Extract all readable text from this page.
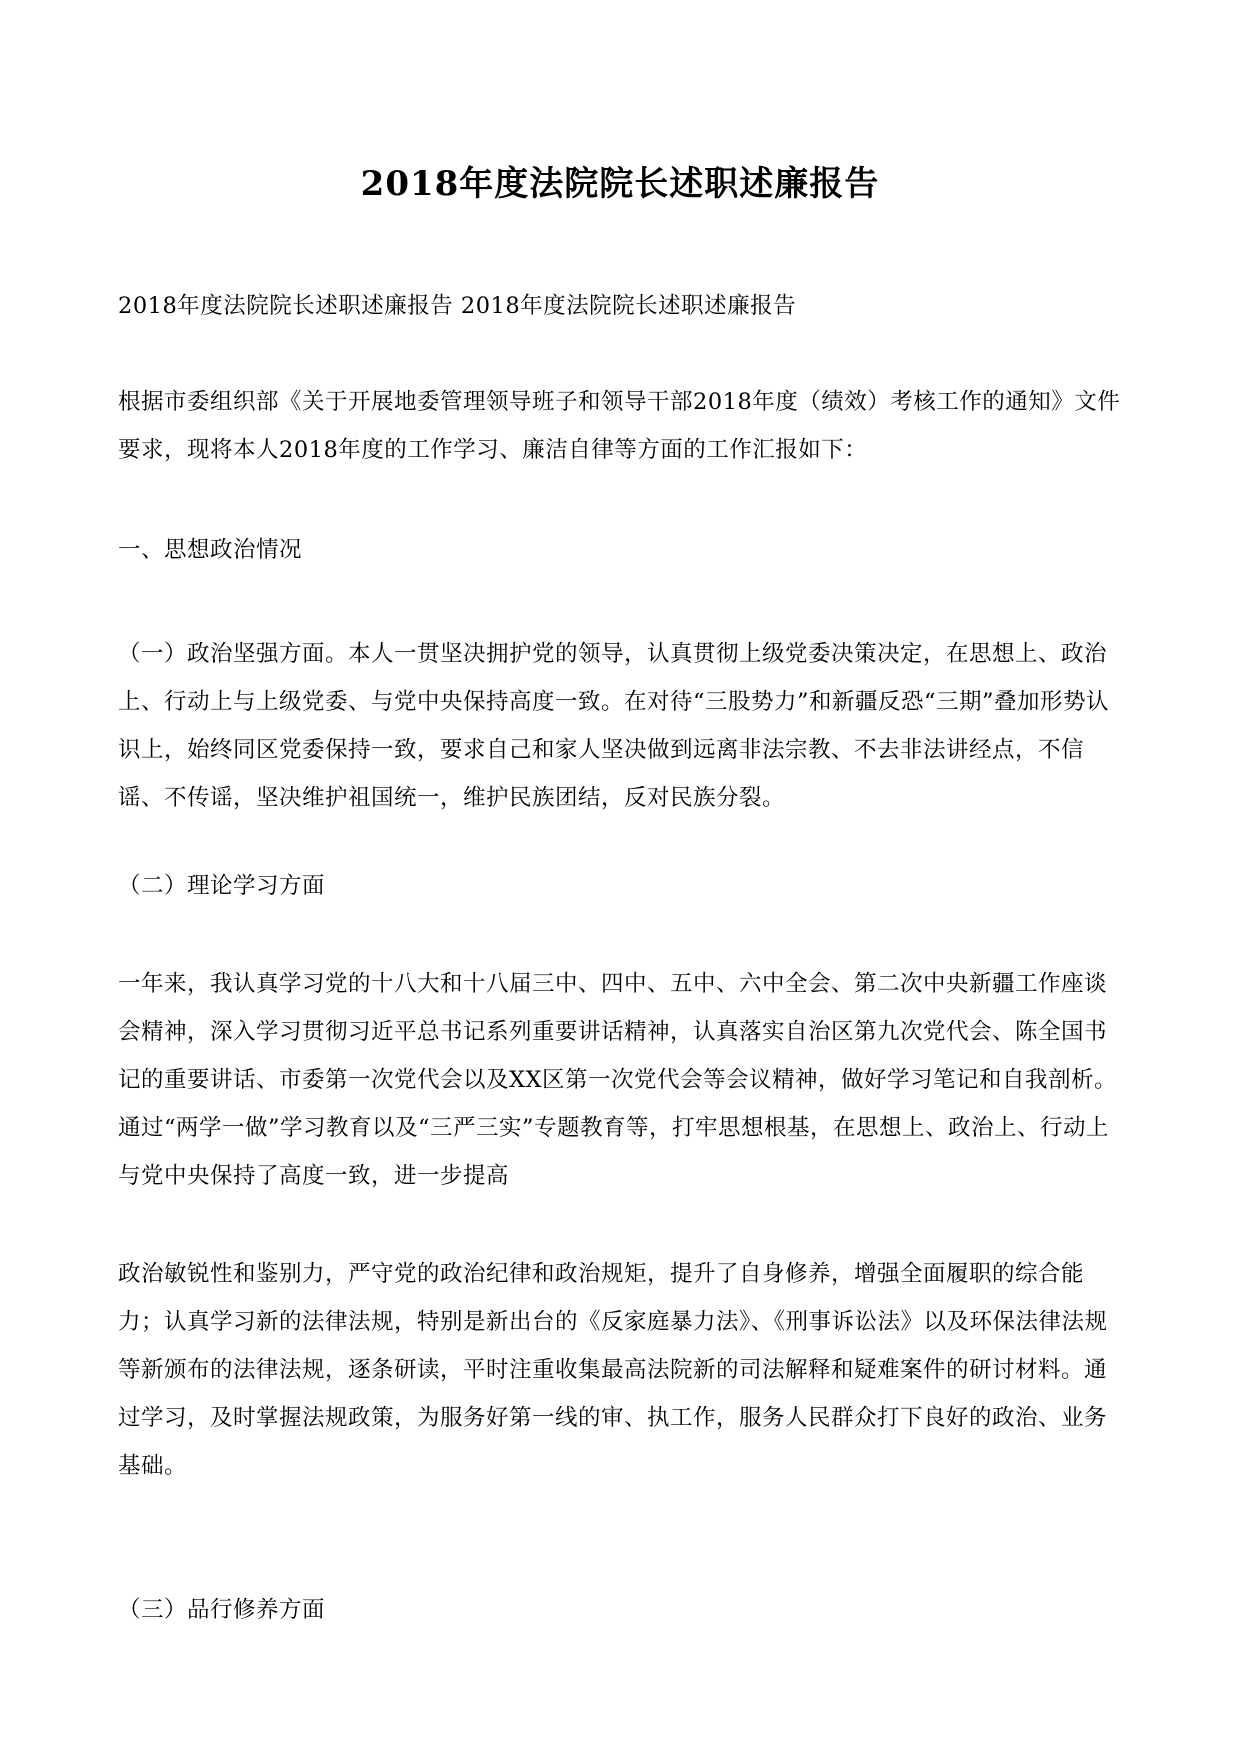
2018年度法院院长述职述廉报告

2018年度法院院长述职述廉报告 2018年度法院院长述职述廉报告

根据市委组织部《关于开展地委管理领导班子和领导干部2018年度（绩效）考核工作的通知》文件要求，现将本人2018年度的工作学习、廉洁自律等方面的工作汇报如下：

一、思想政治情况

（一）政治坚强方面。本人一贯坚决拥护党的领导，认真贯彻上级党委决策决定，在思想上、政治上、行动上与上级党委、与党中央保持高度一致。在对待“三股势力”和新疆反恐“三期”叠加形势认识上，始终同区党委保持一致，要求自己和家人坚决做到远离非法宗教、不去非法讲经点，不信谣、不传谣，坚决维护祖国统一，维护民族团结，反对民族分裂。

（二）理论学习方面

一年来，我认真学习党的十八大和十八届三中、四中、五中、六中全会、第二次中央新疆工作座谈会精神，深入学习贯彻习近平总书记系列重要讲话精神，认真落实自治区第九次党代会、陈全国书记的重要讲话、市委第一次党代会以及XX区第一次党代会等会议精神，做好学习笔记和自我剖析。通过“两学一做”学习教育以及“三严三实”专题教育等，打牢思想根基，在思想上、政治上、行动上与党中央保持了高度一致，进一步提高

政治敏锐性和鉴别力，严守党的政治纪律和政治规矩，提升了自身修养，增强全面履职的综合能力；认真学习新的法律法规，特别是新出台的《反家庭暴力法》、《刑事诉讼法》以及环保法律法规等新颁布的法律法规，逐条研读，平时注重收集最高法院新的司法解释和疑难案件的研讨材料。通过学习，及时掌握法规政策，为服务好第一线的审、执工作，服务人民群众打下良好的政治、业务基础。

（三）品行修养方面
